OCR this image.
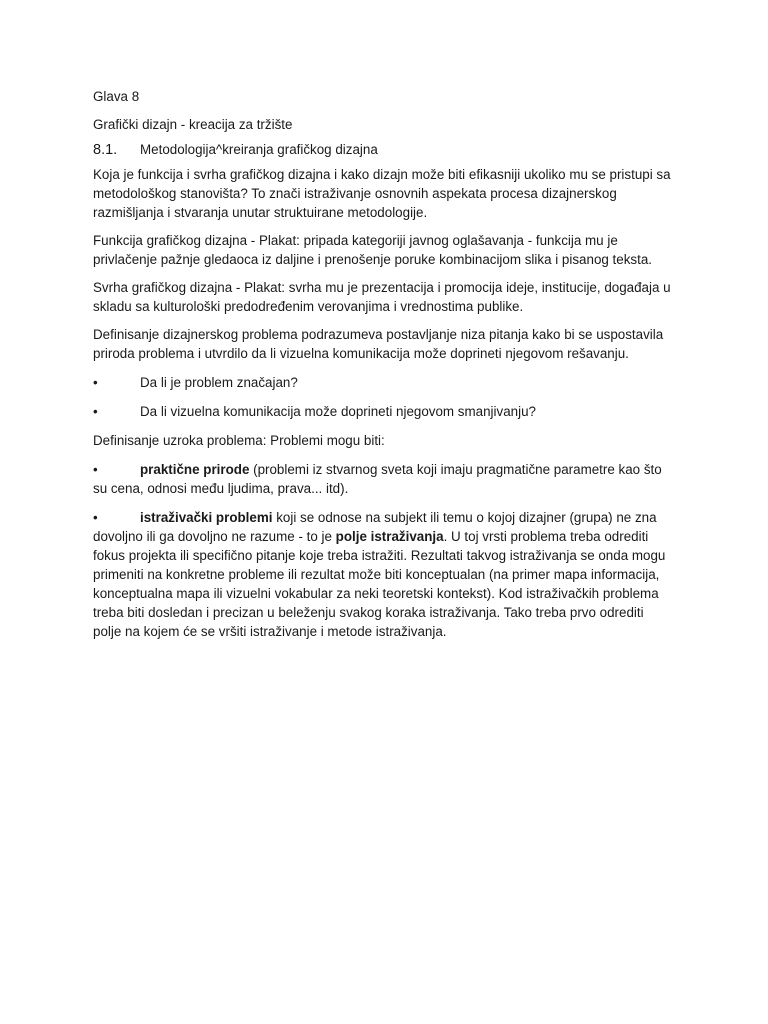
Glava 8

Grafički dizajn - kreacija za tržište

8.1.	Metodologija^kreiranja grafičkog dizajna

Koja je funkcija i svrha grafičkog dizajna i kako dizajn može biti efikasniji ukoliko mu se pristupi sa metodološkog stanovišta? To znači istraživanje osnovnih aspekata procesa dizajnerskog razmišljanja i stvaranja unutar struktuirane metodologije.

Funkcija grafičkog dizajna - Plakat: pripada kategoriji javnog oglašavanja - funkcija mu je privlačenje pažnje gledaoca iz daljine i prenošenje poruke kombinacijom slika i pisanog teksta.

Svrha grafičkog dizajna - Plakat: svrha mu je prezentacija i promocija ideje, institucije, događaja u skladu sa kulturološki predodređenim verovanjima i vrednostima publike.

Definisanje dizajnerskog problema podrazumeva postavljanje niza pitanja kako bi se uspostavila priroda problema i utvrdilo da li vizuelna komunikacija može doprineti njegovom rešavanju.

•	Da li je problem značajan?
•	Da li vizuelna komunikacija može doprineti njegovom smanjivanju?

Definisanje uzroka problema: Problemi mogu biti:

•	praktične prirode (problemi iz stvarnog sveta koji imaju pragmatične parametre kao što su cena, odnosi među ljudima, prava... itd).
•	istraživački problemi koji se odnose na subjekt ili temu o kojoj dizajner (grupa) ne zna dovoljno ili ga dovoljno ne razume - to je polje istraživanja. U toj vrsti problema treba odrediti fokus projekta ili specifično pitanje koje treba istražiti. Rezultati takvog istraživanja se onda mogu primeniti na konkretne probleme ili rezultat može biti konceptualan (na primer mapa informacija, konceptualna mapa ili vizuelni vokabular za neki teoretski kontekst). Kod istraživačkih problema treba biti dosledan i precizan u beleženju svakog koraka istraživanja. Tako treba prvo odrediti polje na kojem će se vršiti istraživanje i metode istraživanja.
